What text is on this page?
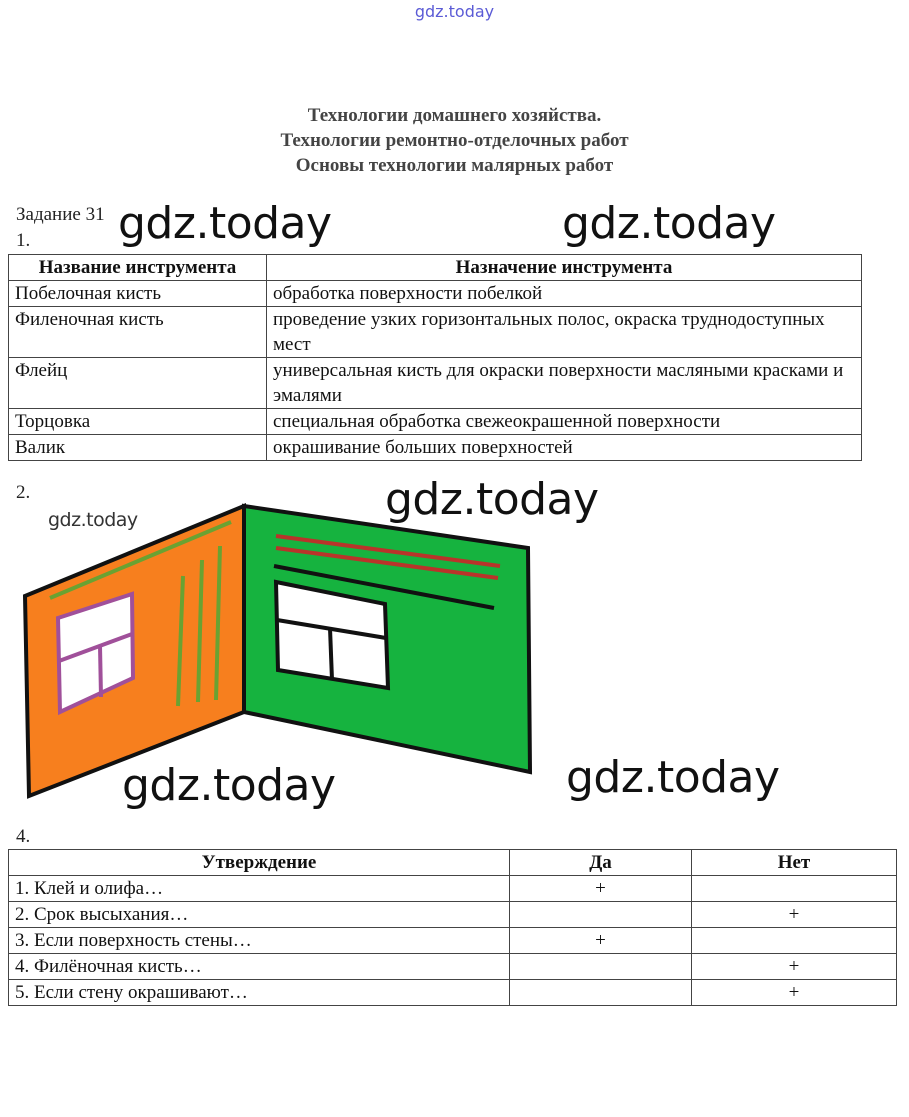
gdz.today
Технологии домашнего хозяйства.
Технологии ремонтно-отделочных работ
Основы технологии малярных работ
Задание 31
1. gdz.today	gdz.today
Название инструмента	Назначение инструмента
Побелочная кисть	обработка поверхности побелкой
Филеночная кисть	проведение узких горизонтальных полос, окраска труднодоступных мест
Флейц	универсальная кисть для окраски поверхности масляными красками и эмалями
Торцовка	специальная обработка свежеокрашенной поверхности
Валик	окрашивание больших поверхностей
2.
gdz.today	gdz.today
gdz.today	gdz.today
4.
Утверждение	Да	Нет
1. Клей и олифа…	+	
2. Срок высыхания…		+
3. Если поверхность стены…	+	
4. Филёночная кисть…		+
5. Если стену окрашивают…		+
